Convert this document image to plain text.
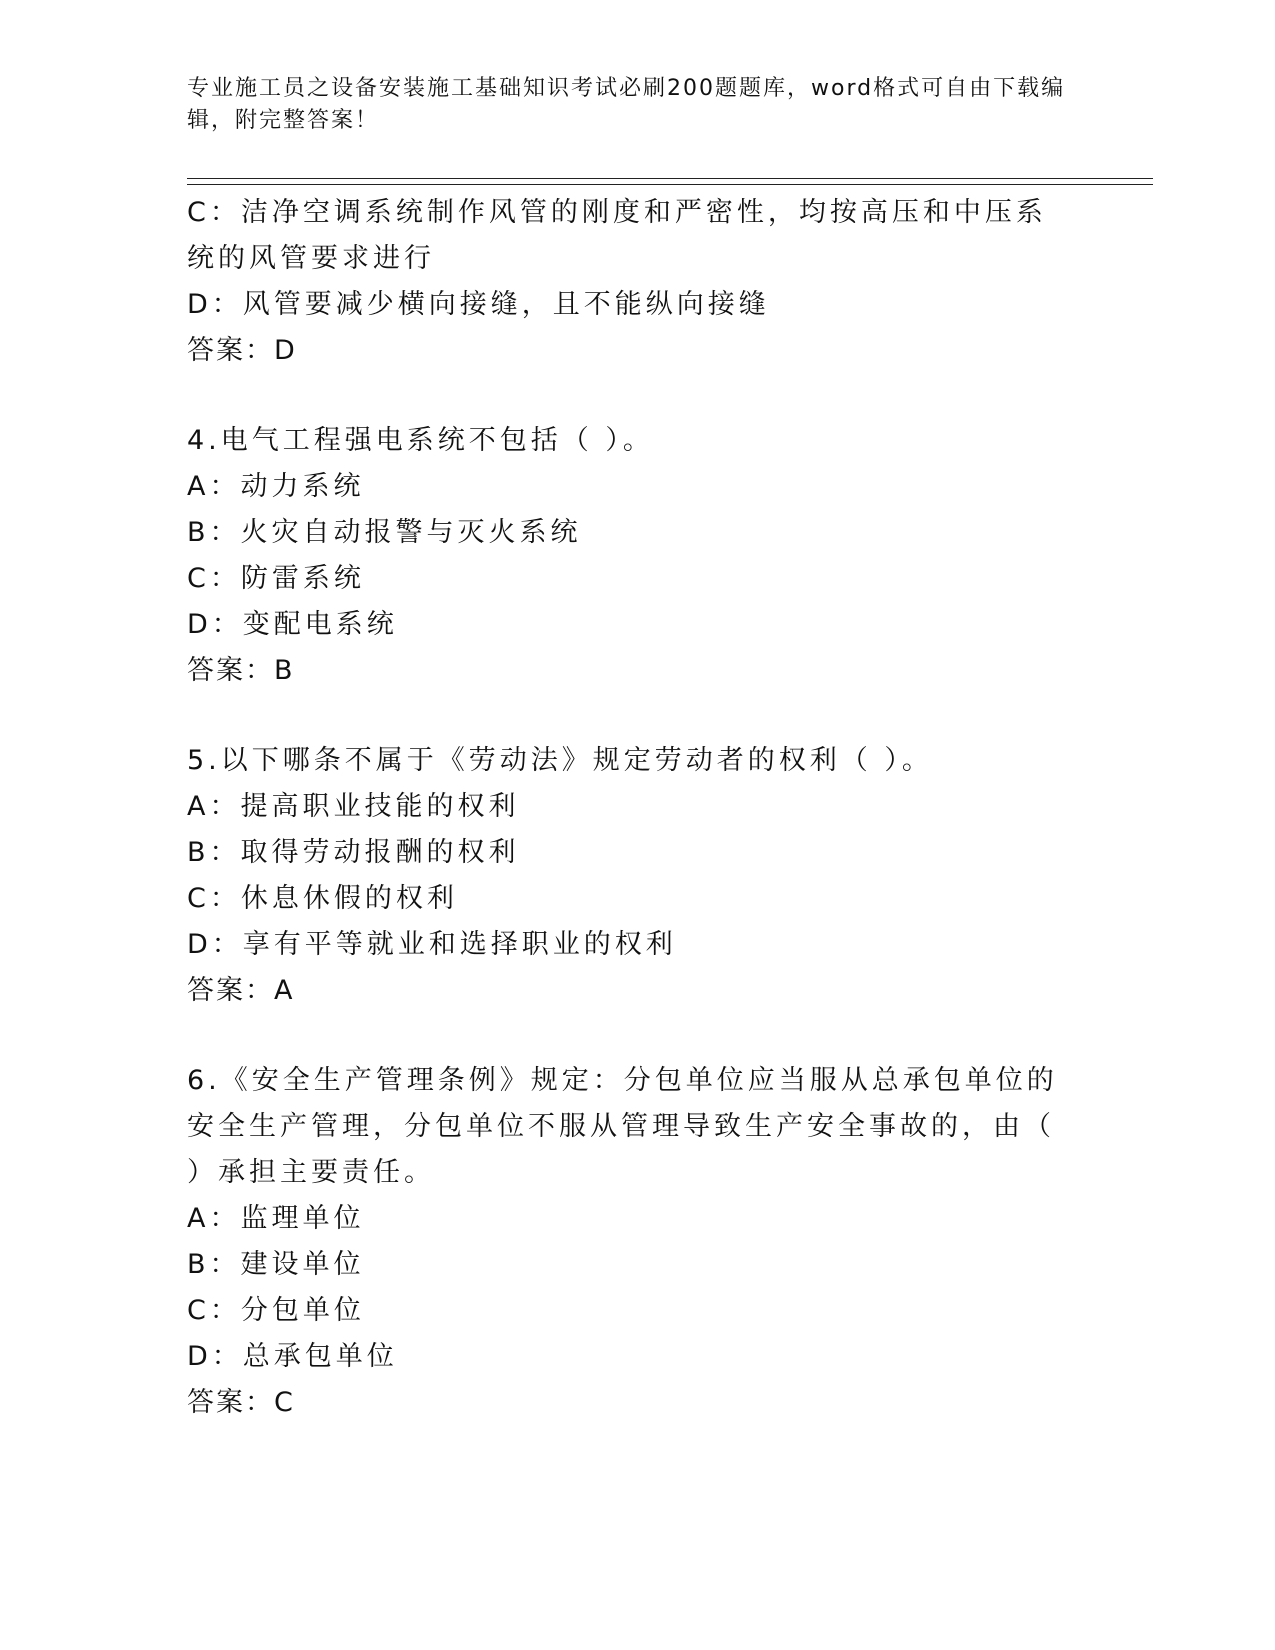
专业施工员之设备安装施工基础知识考试必刷200题题库，word格式可自由下载编辑，附完整答案！
C：洁净空调系统制作风管的刚度和严密性，均按高压和中压系统的风管要求进行
D：风管要减少横向接缝，且不能纵向接缝
答案：D
4.电气工程强电系统不包括（ ）。
A：动力系统
B：火灾自动报警与灭火系统
C：防雷系统
D：变配电系统
答案：B
5.以下哪条不属于《劳动法》规定劳动者的权利（ ）。
A：提高职业技能的权利
B：取得劳动报酬的权利
C：休息休假的权利
D：享有平等就业和选择职业的权利
答案：A
6.《安全生产管理条例》规定：分包单位应当服从总承包单位的安全生产管理，分包单位不服从管理导致生产安全事故的，由（ ）承担主要责任。
A：监理单位
B：建设单位
C：分包单位
D：总承包单位
答案：C
